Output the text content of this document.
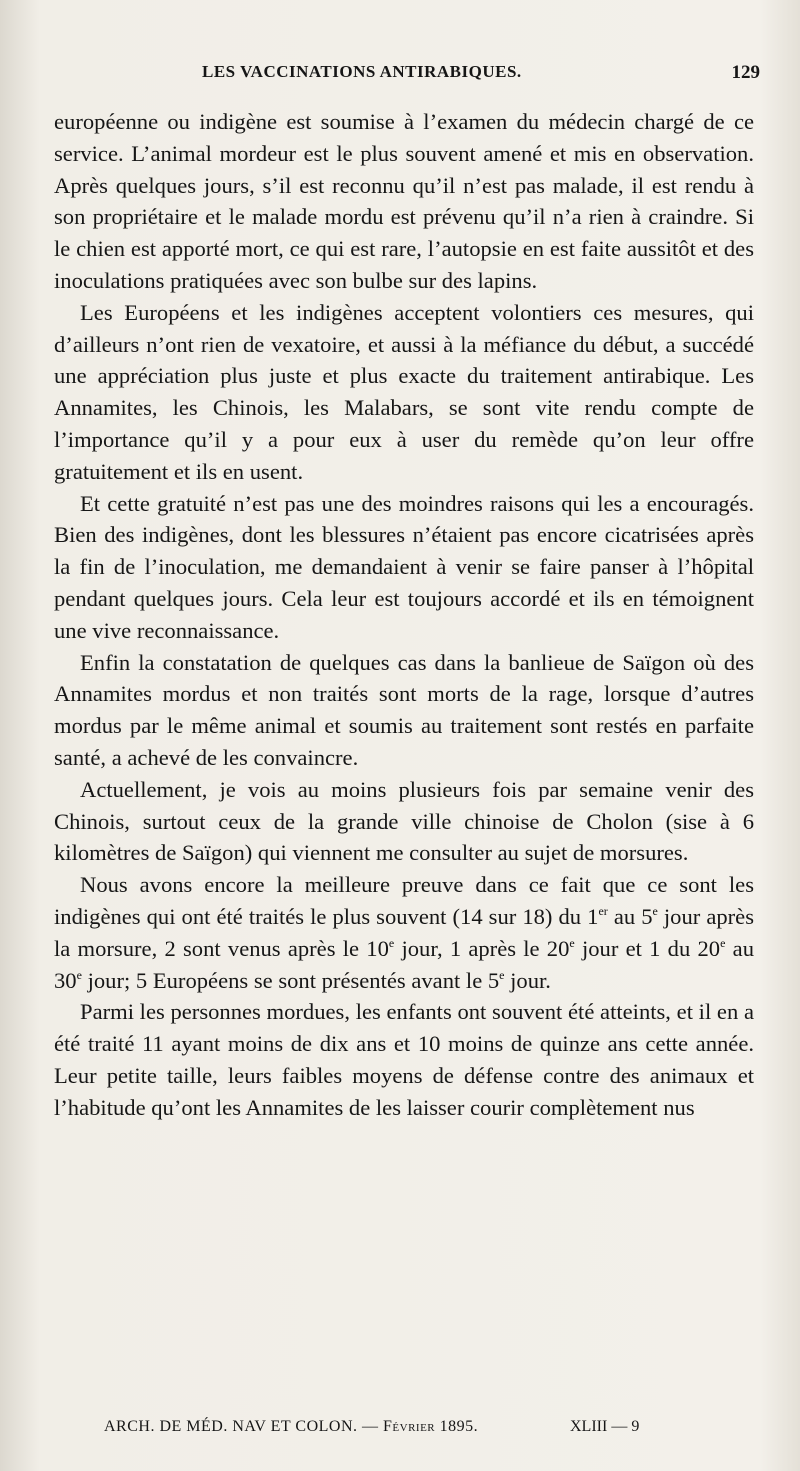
LES VACCINATIONS ANTIRABIQUES.	129

européenne ou indigène est soumise à l’examen du médecin chargé de ce service. L’animal mordeur est le plus souvent amené et mis en observation. Après quelques jours, s’il est reconnu qu’il n’est pas malade, il est rendu à son propriétaire et le malade mordu est prévenu qu’il n’a rien à craindre. Si le chien est apporté mort, ce qui est rare, l’autopsie en est faite aussitôt et des inoculations pratiquées avec son bulbe sur des lapins.

Les Européens et les indigènes acceptent volontiers ces mesures, qui d’ailleurs n’ont rien de vexatoire, et aussi à la méfiance du début, a succédé une appréciation plus juste et plus exacte du traitement antirabique. Les Annamites, les Chinois, les Malabars, se sont vite rendu compte de l’importance qu’il y a pour eux à user du remède qu’on leur offre gratuitement et ils en usent.

Et cette gratuité n’est pas une des moindres raisons qui les a encouragés. Bien des indigènes, dont les blessures n’étaient pas encore cicatrisées après la fin de l’inoculation, me demandaient à venir se faire panser à l’hôpital pendant quelques jours. Cela leur est toujours accordé et ils en témoignent une vive reconnaissance.

Enfin la constatation de quelques cas dans la banlieue de Saïgon où des Annamites mordus et non traités sont morts de la rage, lorsque d’autres mordus par le même animal et soumis au traitement sont restés en parfaite santé, a achevé de les convaincre.

Actuellement, je vois au moins plusieurs fois par semaine venir des Chinois, surtout ceux de la grande ville chinoise de Cholon (sise à 6 kilomètres de Saïgon) qui viennent me consulter au sujet de morsures.

Nous avons encore la meilleure preuve dans ce fait que ce sont les indigènes qui ont été traités le plus souvent (14 sur 18) du 1er au 5e jour après la morsure, 2 sont venus après le 10e jour, 1 après le 20e jour et 1 du 20e au 30e jour; 5 Européens se sont présentés avant le 5e jour.

Parmi les personnes mordues, les enfants ont souvent été atteints, et il en a été traité 11 ayant moins de dix ans et 10 moins de quinze ans cette année. Leur petite taille, leurs faibles moyens de défense contre des animaux et l’habitude qu’ont les Annamites de les laisser courir complètement nus

ARCH. DE MÉD. NAV ET COLON. — Février 1895.	XLIII — 9
